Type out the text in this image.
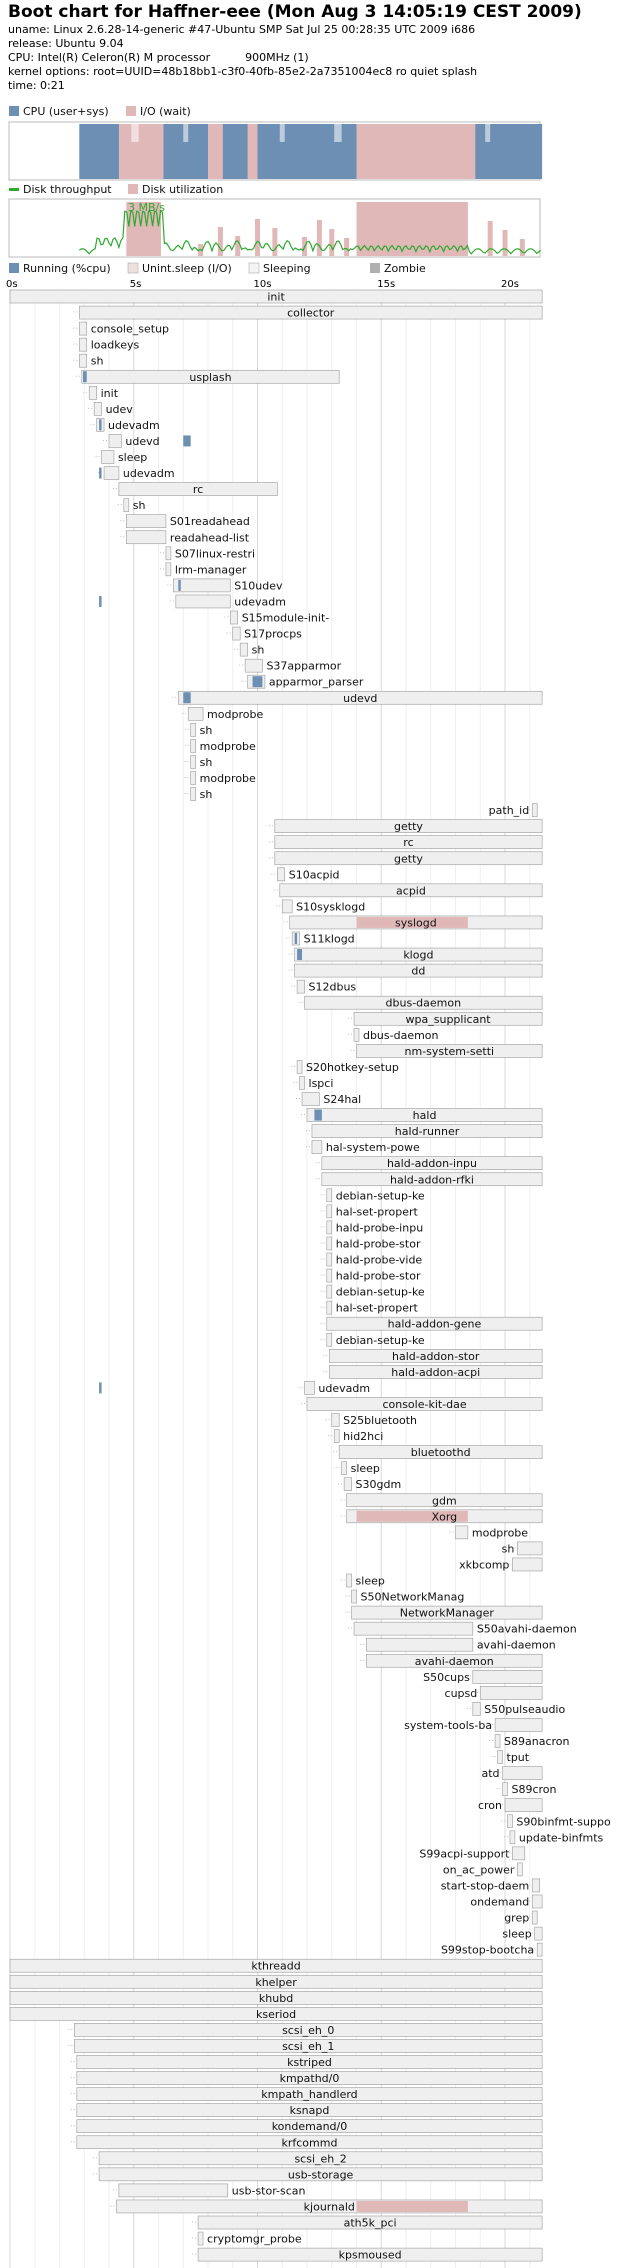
Boot chart for Haffner-eee (Mon Aug 3 14:05:19 CEST 2009)
uname: Linux 2.6.28-14-generic #47-Ubuntu SMP Sat Jul 25 00:28:35 UTC 2009 i686
release: Ubuntu 9.04
CPU: Intel(R) Celeron(R) M processor          900MHz (1)
kernel options: root=UUID=48b18bb1-c3f0-40fb-85e2-2a7351004ec8 ro quiet splash
time: 0:21
CPU (user+sys)	I/O (wait)
Disk throughput	Disk utilization
3 MB/s
Running (%cpu)	Unint.sleep (I/O)	Sleeping	Zombie
0s	5s	10s	15s	20s
init
collector
console_setup
loadkeys
sh
usplash
init
udev
udevadm
udevd
sleep
udevadm
rc
sh
S01readahead
readahead-list
S07linux-restri
lrm-manager
S10udev
udevadm
S15module-init-
S17procps
sh
S37apparmor
apparmor_parser
udevd
modprobe
sh
modprobe
sh
modprobe
sh
path_id
getty
rc
getty
S10acpid
acpid
S10sysklogd
syslogd
S11klogd
klogd
dd
S12dbus
dbus-daemon
wpa_supplicant
dbus-daemon
nm-system-setti
S20hotkey-setup
lspci
S24hal
hald
hald-runner
hal-system-powe
hald-addon-inpu
hald-addon-rfki
debian-setup-ke
hal-set-propert
hald-probe-inpu
hald-probe-stor
hald-probe-vide
hald-probe-stor
debian-setup-ke
hal-set-propert
hald-addon-gene
debian-setup-ke
hald-addon-stor
hald-addon-acpi
udevadm
console-kit-dae
S25bluetooth
hid2hci
bluetoothd
sleep
S30gdm
gdm
Xorg
modprobe
sh
xkbcomp
sleep
S50NetworkManag
NetworkManager
S50avahi-daemon
avahi-daemon
avahi-daemon
S50cups
cupsd
S50pulseaudio
system-tools-ba
S89anacron
tput
atd
S89cron
cron
S90binfmt-suppo
update-binfmts
S99acpi-support
on_ac_power
start-stop-daem
ondemand
grep
sleep
S99stop-bootcha
kthreadd
khelper
khubd
kseriod
scsi_eh_0
scsi_eh_1
kstriped
kmpathd/0
kmpath_handlerd
ksnapd
kondemand/0
krfcommd
scsi_eh_2
usb-storage
usb-stor-scan
kjournald
ath5k_pci
cryptomgr_probe
kpsmoused
